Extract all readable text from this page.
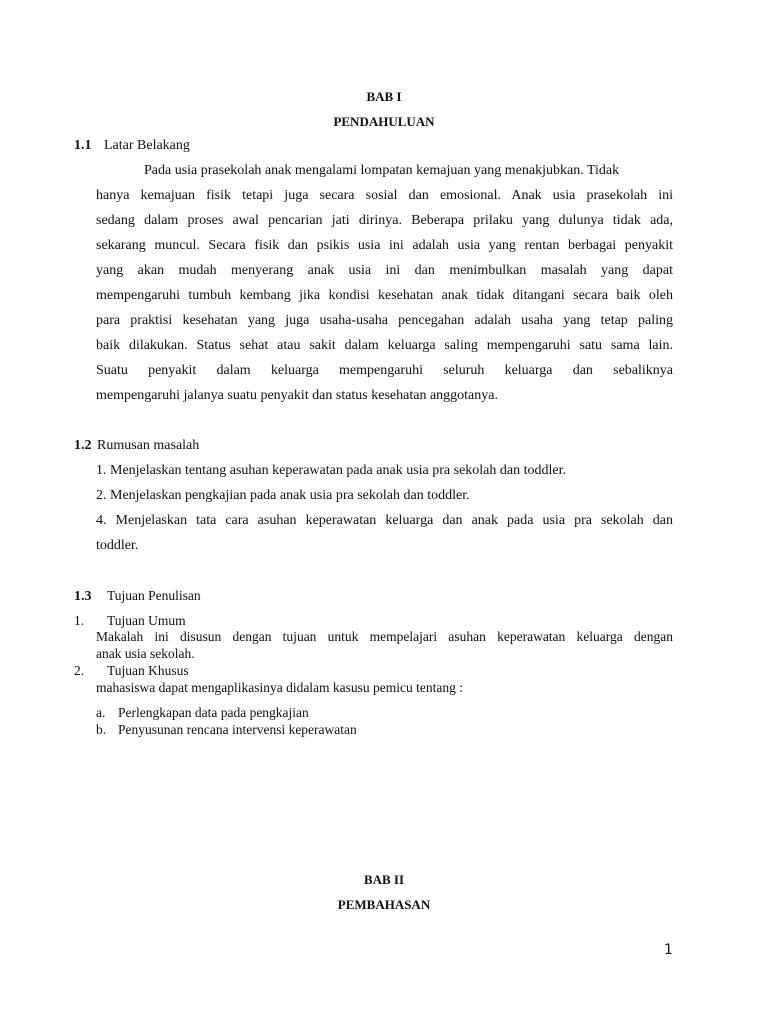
BAB I
PENDAHULUAN
1.1 Latar Belakang
Pada usia prasekolah anak mengalami lompatan kemajuan yang menakjubkan. Tidak
hanya kemajuan fisik tetapi juga secara sosial dan emosional. Anak usia prasekolah ini
sedang dalam proses awal pencarian jati dirinya. Beberapa prilaku yang dulunya tidak ada,
sekarang muncul. Secara fisik dan psikis usia ini adalah usia yang rentan berbagai penyakit
yang akan mudah menyerang anak usia ini dan menimbulkan masalah yang dapat
mempengaruhi tumbuh kembang jika kondisi kesehatan anak tidak ditangani secara baik oleh
para praktisi kesehatan yang juga usaha-usaha pencegahan adalah usaha yang tetap paling
baik dilakukan. Status sehat atau sakit dalam keluarga saling mempengaruhi satu sama lain.
Suatu penyakit dalam keluarga mempengaruhi seluruh keluarga dan sebaliknya
mempengaruhi jalanya suatu penyakit dan status kesehatan anggotanya.
1.2 Rumusan masalah
1. Menjelaskan tentang asuhan keperawatan pada anak usia pra sekolah dan toddler.
2. Menjelaskan pengkajian pada anak usia pra sekolah dan toddler.
4. Menjelaskan tata cara asuhan keperawatan keluarga dan anak pada usia pra sekolah dan
toddler.
1.3 Tujuan Penulisan
1. Tujuan Umum
Makalah ini disusun dengan tujuan untuk mempelajari asuhan keperawatan keluarga dengan
anak usia sekolah.
2. Tujuan Khusus
mahasiswa dapat mengaplikasinya didalam kasusu pemicu tentang :
a. Perlengkapan data pada pengkajian
b. Penyusunan rencana intervensi keperawatan
BAB II
PEMBAHASAN
1
